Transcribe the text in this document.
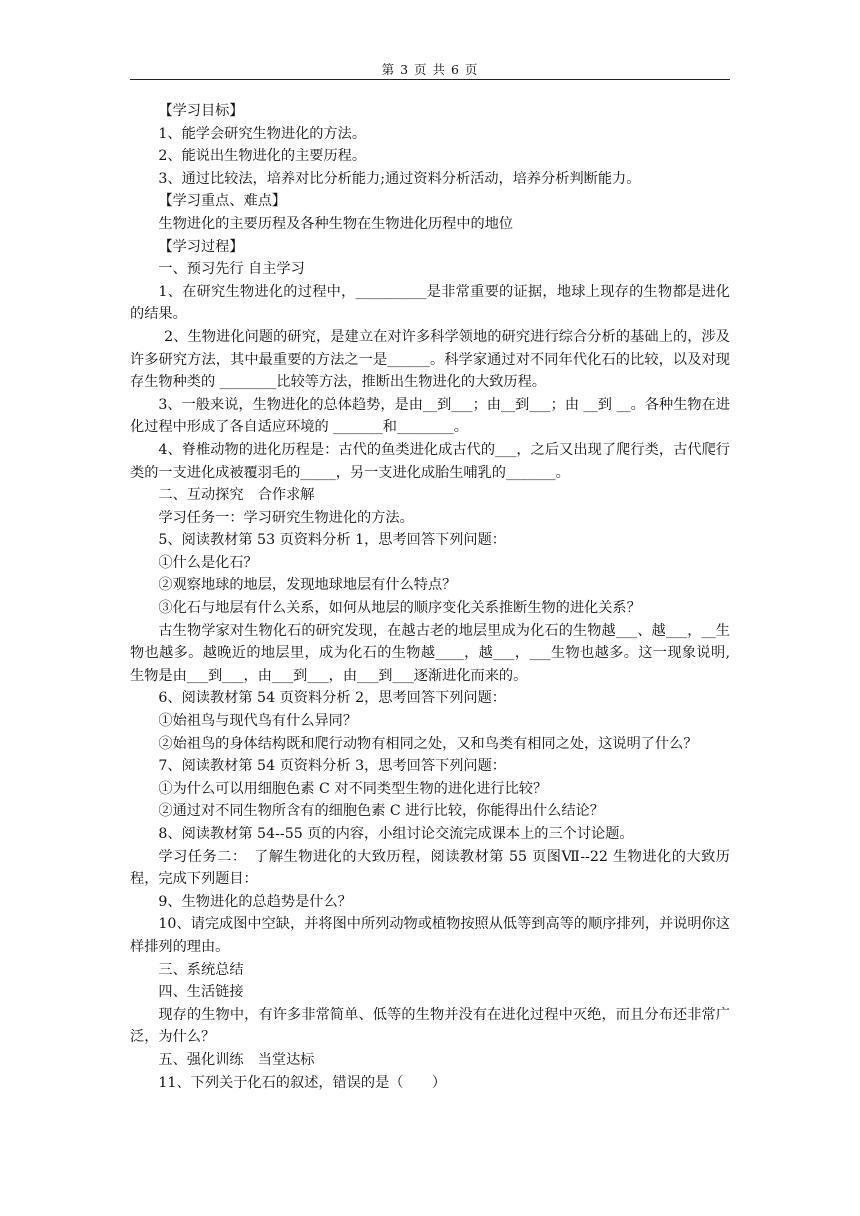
第 3 页 共 6 页

【学习目标】

1、能学会研究生物进化的方法。

2、能说出生物进化的主要历程。

3、通过比较法，培养对比分析能力;通过资料分析活动，培养分析判断能力。

【学习重点、难点】

生物进化的主要历程及各种生物在生物进化历程中的地位

【学习过程】

一、预习先行 自主学习

1、在研究生物进化的过程中，__________是非常重要的证据，地球上现存的生物都是进化的结果。

2、生物进化问题的研究，是建立在对许多科学领地的研究进行综合分析的基础上的，涉及许多研究方法，其中最重要的方法之一是______。科学家通过对不同年代化石的比较，以及对现存生物种类的 ________比较等方法，推断出生物进化的大致历程。

3、一般来说，生物进化的总体趋势，是由__到___；由__到___；由 __到 __。各种生物在进化过程中形成了各自适应环境的 _______和________。

4、脊椎动物的进化历程是：古代的鱼类进化成古代的___，之后又出现了爬行类，古代爬行类的一支进化成被覆羽毛的_____，另一支进化成胎生哺乳的_______。

二、互动探究　合作求解

学习任务一：学习研究生物进化的方法。

5、阅读教材第 53 页资料分析 1，思考回答下列问题：

①什么是化石？

②观察地球的地层，发现地球地层有什么特点？

③化石与地层有什么关系，如何从地层的顺序变化关系推断生物的进化关系？

古生物学家对生物化石的研究发现，在越古老的地层里成为化石的生物越___、越___，__生物也越多。越晚近的地层里，成为化石的生物越____，越___，___生物也越多。这一现象说明,生物是由___到___，由___到___，由___到___逐渐进化而来的。

6、阅读教材第 54 页资料分析 2，思考回答下列问题：

①始祖鸟与现代鸟有什么异同？

②始祖鸟的身体结构既和爬行动物有相同之处，又和鸟类有相同之处，这说明了什么？

7、阅读教材第 54 页资料分析 3，思考回答下列问题：

①为什么可以用细胞色素 C 对不同类型生物的进化进行比较？

②通过对不同生物所含有的细胞色素 C 进行比较，你能得出什么结论？

8、阅读教材第 54--55 页的内容，小组讨论交流完成课本上的三个讨论题。

学习任务二：　了解生物进化的大致历程，阅读教材第 55 页图Ⅶ--22 生物进化的大致历程，完成下列题目：

9、生物进化的总趋势是什么？

10、请完成图中空缺，并将图中所列动物或植物按照从低等到高等的顺序排列，并说明你这样排列的理由。

三、系统总结

四、生活链接

现存的生物中，有许多非常简单、低等的生物并没有在进化过程中灭绝，而且分布还非常广泛，为什么？

五、强化训练　当堂达标

11、下列关于化石的叙述，错误的是（　　）
